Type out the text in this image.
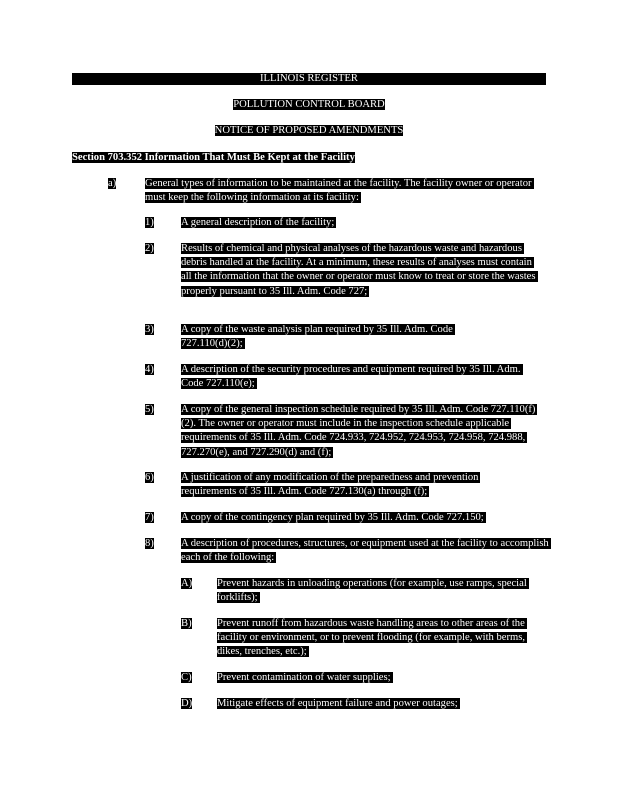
ILLINOIS REGISTER
POLLUTION CONTROL BOARD
NOTICE OF PROPOSED AMENDMENTS
Section 703.352 Information That Must Be Kept at the Facility
a)	General types of information to be maintained at the facility. The facility owner or operator must keep the following information at its facility:
1)	A general description of the facility;
2)	Results of chemical and physical analyses of the hazardous waste and hazardous debris handled at the facility. At a minimum, these results of analyses must contain all the information that the owner or operator must know to treat or store the wastes properly pursuant to 35 Ill. Adm. Code 727;
3)	A copy of the waste analysis plan required by 35 Ill. Adm. Code 727.110(d)(2);
4)	A description of the security procedures and equipment required by 35 Ill. Adm. Code 727.110(e);
5)	A copy of the general inspection schedule required by 35 Ill. Adm. Code 727.110(f)(2). The owner or operator must include in the inspection schedule applicable requirements of 35 Ill. Adm. Code 724.933, 724.952, 724.953, 724.958, 724.988, 727.270(e), and 727.290(d) and (f);
6)	A justification of any modification of the preparedness and prevention requirements of 35 Ill. Adm. Code 727.130(a) through (f);
7)	A copy of the contingency plan required by 35 Ill. Adm. Code 727.150;
8)	A description of procedures, structures, or equipment used at the facility to accomplish each of the following:
A) Prevent hazards in unloading operations (for example, use ramps, special forklifts);
B) Prevent runoff from hazardous waste handling areas to other areas of the facility or environment, or to prevent flooding (for example, with berms, dikes, trenches, etc.);
C) Prevent contamination of water supplies;
D) Mitigate effects of equipment failure and power outages;
